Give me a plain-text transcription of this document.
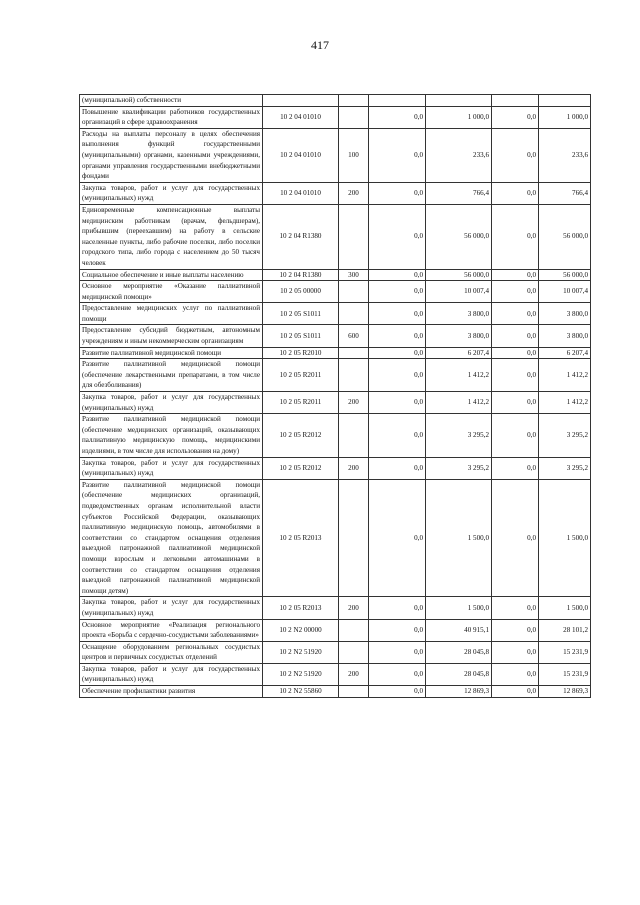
417
(муниципальной) собственности						
Повышение квалификации работников государственных организаций в сфере здравоохранения	10 2 04 01010		0,0	1 000,0	0,0	1 000,0
Расходы на выплаты персоналу в целях обеспечения выполнения функций государственными (муниципальными) органами, казенными учреждениями, органами управления государственными внебюджетными фондами	10 2 04 01010	100	0,0	233,6	0,0	233,6
Закупка товаров, работ и услуг для государственных (муниципальных) нужд	10 2 04 01010	200	0,0	766,4	0,0	766,4
Единовременные компенсационные выплаты медицинским работникам (врачам, фельдшерам), прибывшим (переехавшим) на работу в сельские населенные пункты, либо рабочие поселки, либо поселки городского типа, либо города с населением до 50 тысяч человек	10 2 04 R1380		0,0	56 000,0	0,0	56 000,0
Социальное обеспечение и иные выплаты населению	10 2 04 R1380	300	0,0	56 000,0	0,0	56 000,0
Основное мероприятие «Оказание паллиативной медицинской помощи»	10 2 05 00000		0,0	10 007,4	0,0	10 007,4
Предоставление медицинских услуг по паллиативной помощи	10 2 05 S1011		0,0	3 800,0	0,0	3 800,0
Предоставление субсидий бюджетным, автономным учреждениям и иным некоммерческим организациям	10 2 05 S1011	600	0,0	3 800,0	0,0	3 800,0
Развитие паллиативной медицинской помощи	10 2 05 R2010		0,0	6 207,4	0,0	6 207,4
Развитие паллиативной медицинской помощи (обеспечение лекарственными препаратами, в том числе для обезболивания)	10 2 05 R2011		0,0	1 412,2	0,0	1 412,2
Закупка товаров, работ и услуг для государственных (муниципальных) нужд	10 2 05 R2011	200	0,0	1 412,2	0,0	1 412,2
Развитие паллиативной медицинской помощи (обеспечение медицинских организаций, оказывающих паллиативную медицинскую помощь, медицинскими изделиями, в том числе для использования на дому)	10 2 05 R2012		0,0	3 295,2	0,0	3 295,2
Закупка товаров, работ и услуг для государственных (муниципальных) нужд	10 2 05 R2012	200	0,0	3 295,2	0,0	3 295,2
Развитие паллиативной медицинской помощи (обеспечение медицинских организаций, подведомственных органам исполнительной власти субъектов Российской Федерации, оказывающих паллиативную медицинскую помощь, автомобилями в соответствии со стандартом оснащения отделения выездной патронажной паллиативной медицинской помощи взрослым и легковыми автомашинами в соответствии со стандартом оснащения отделения выездной патронажной паллиативной медицинской помощи детям)	10 2 05 R2013		0,0	1 500,0	0,0	1 500,0
Закупка товаров, работ и услуг для государственных (муниципальных) нужд	10 2 05 R2013	200	0,0	1 500,0	0,0	1 500,0
Основное мероприятие «Реализация регионального проекта «Борьба с сердечно-сосудистыми заболеваниями»	10 2 N2 00000		0,0	40 915,1	0,0	28 101,2
Оснащение оборудованием региональных сосудистых центров и первичных сосудистых отделений	10 2 N2 51920		0,0	28 045,8	0,0	15 231,9
Закупка товаров, работ и услуг для государственных (муниципальных) нужд	10 2 N2 51920	200	0,0	28 045,8	0,0	15 231,9
Обеспечение профилактики развития	10 2 N2 55860		0,0	12 869,3	0,0	12 869,3
